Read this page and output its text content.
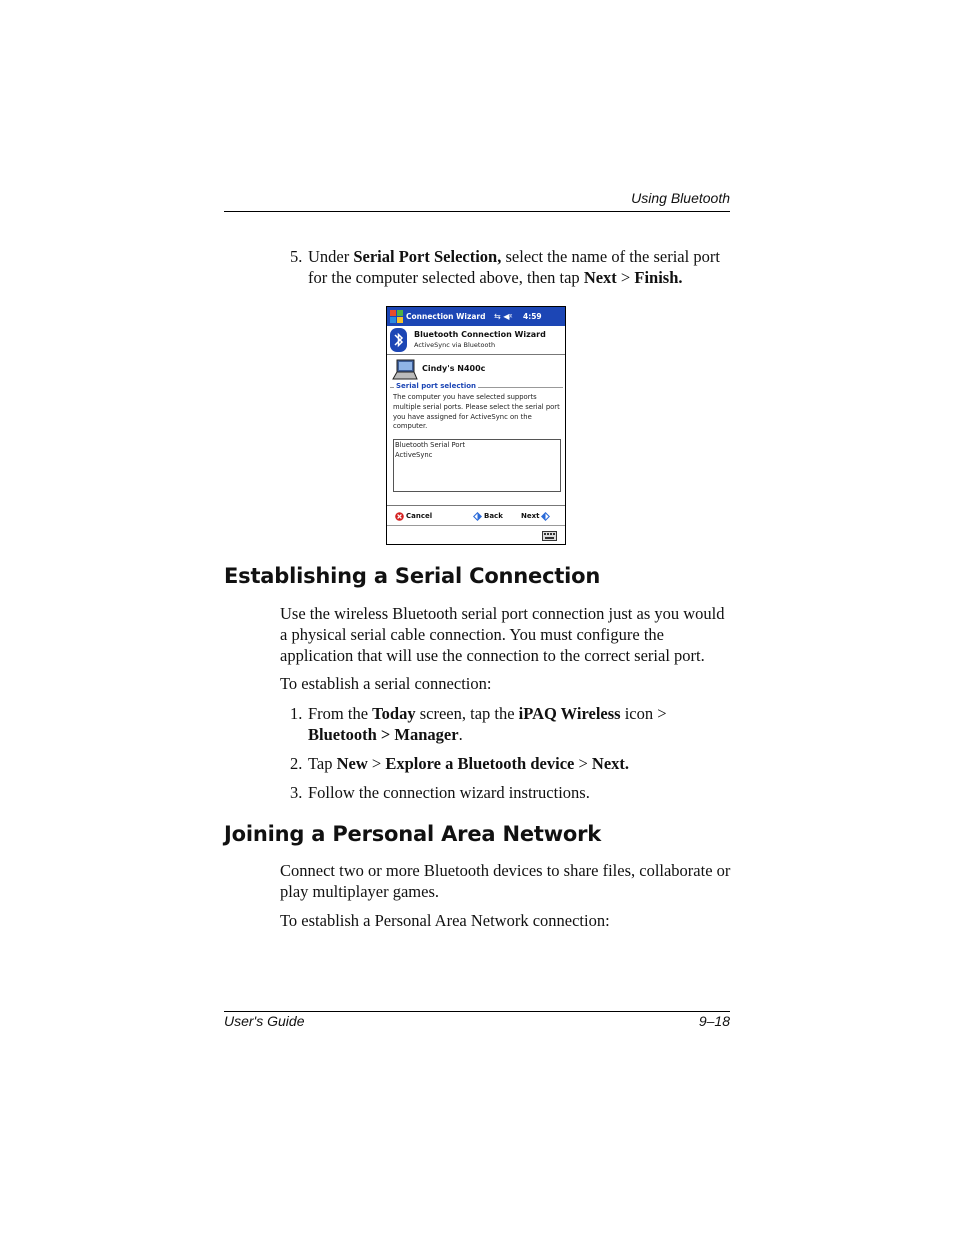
Using Bluetooth
5. Under Serial Port Selection, select the name of the serial port for the computer selected above, then tap Next > Finish.
Connection Wizard ⇆ ◀ᵡ 4:59
Bluetooth Connection Wizard
ActiveSync via Bluetooth
Cindy's N400c
Serial port selection
The computer you have selected supports multiple serial ports. Please select the serial port you have assigned for ActiveSync on the computer.
Bluetooth Serial Port
ActiveSync
Cancel	Back	Next
Establishing a Serial Connection

Use the wireless Bluetooth serial port connection just as you would a physical serial cable connection. You must configure the application that will use the connection to the correct serial port.

To establish a serial connection:

1. From the Today screen, tap the iPAQ Wireless icon > Bluetooth > Manager.
2. Tap New > Explore a Bluetooth device > Next.
3. Follow the connection wizard instructions.
Joining a Personal Area Network

Connect two or more Bluetooth devices to share files, collaborate or play multiplayer games.

To establish a Personal Area Network connection:

User's Guide	9–18
